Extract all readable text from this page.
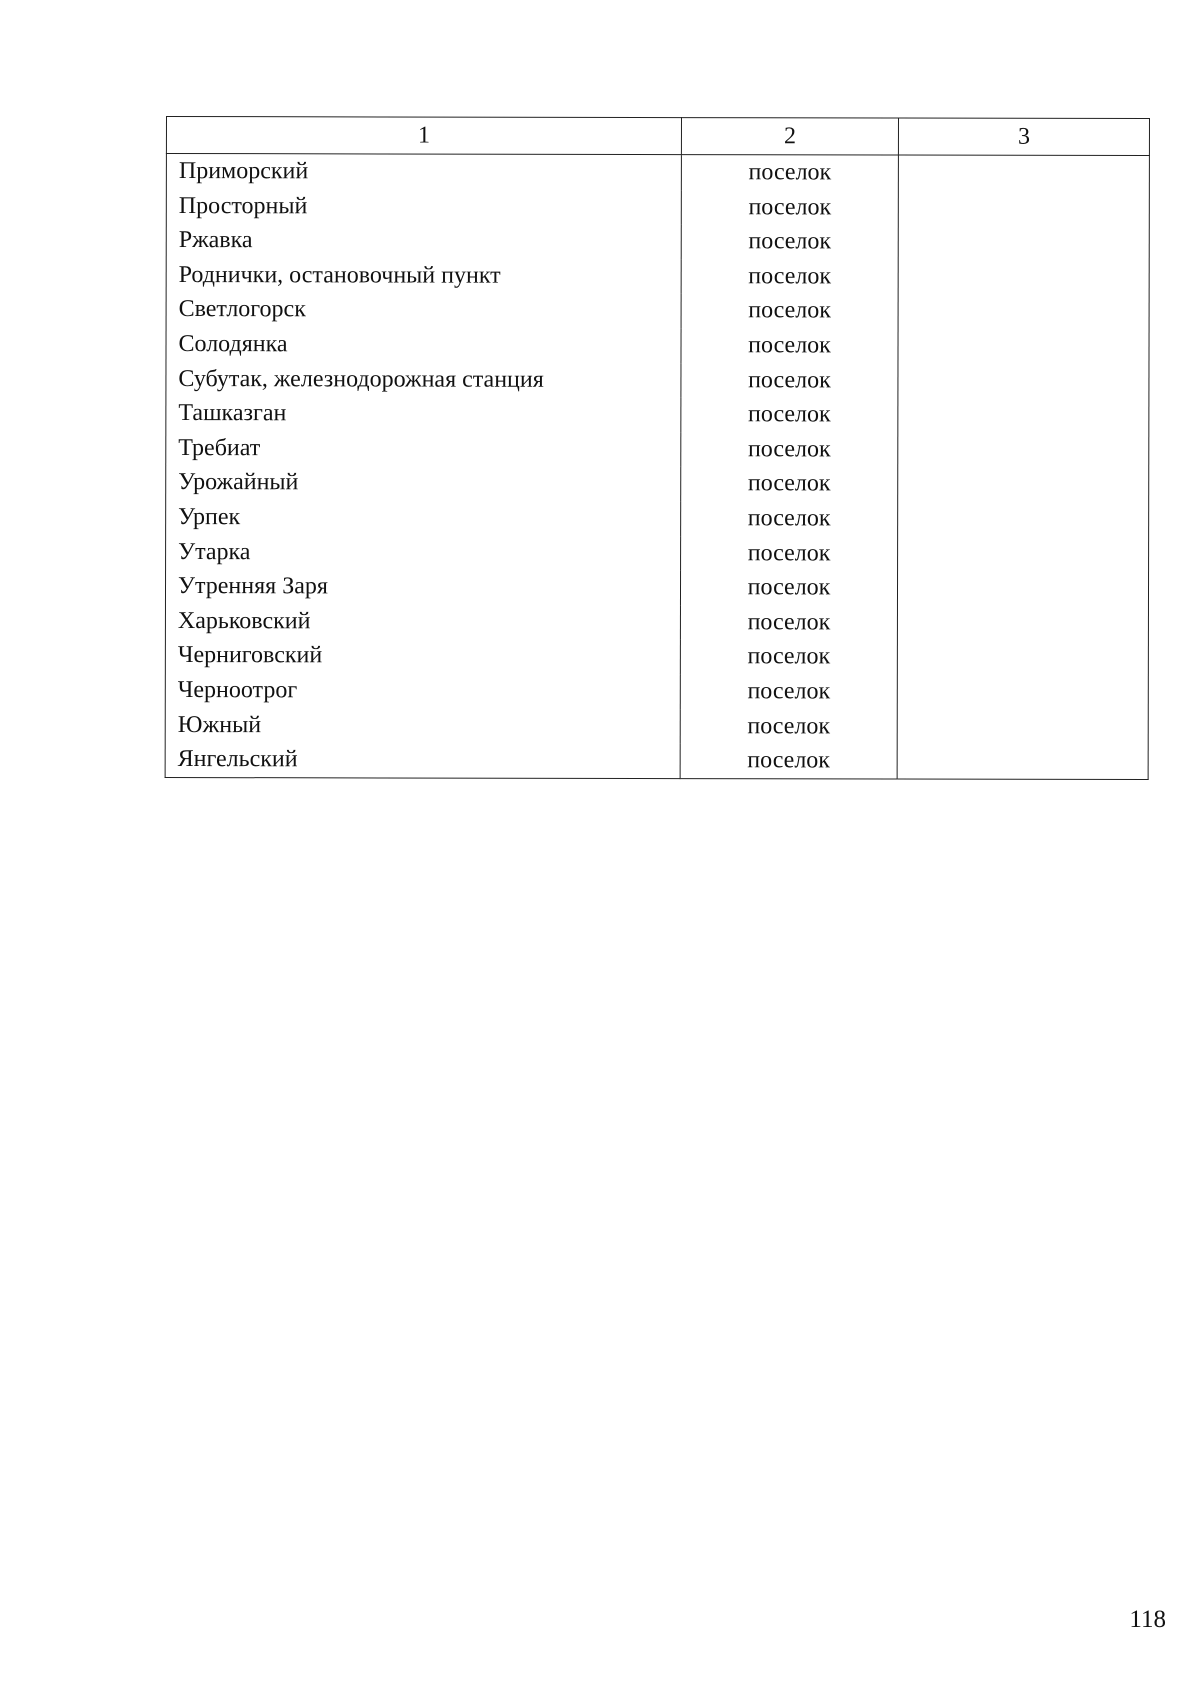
1	2	3
Приморский	поселок	
Просторный	поселок	
Ржавка	поселок	
Роднички, остановочный пункт	поселок	
Светлогорск	поселок	
Солодянка	поселок	
Субутак, железнодорожная станция	поселок	
Ташказган	поселок	
Требиат	поселок	
Урожайный	поселок	
Урпек	поселок	
Утарка	поселок	
Утренняя Заря	поселок	
Харьковский	поселок	
Черниговский	поселок	
Черноотрог	поселок	
Южный	поселок	
Янгельский	поселок	
118
